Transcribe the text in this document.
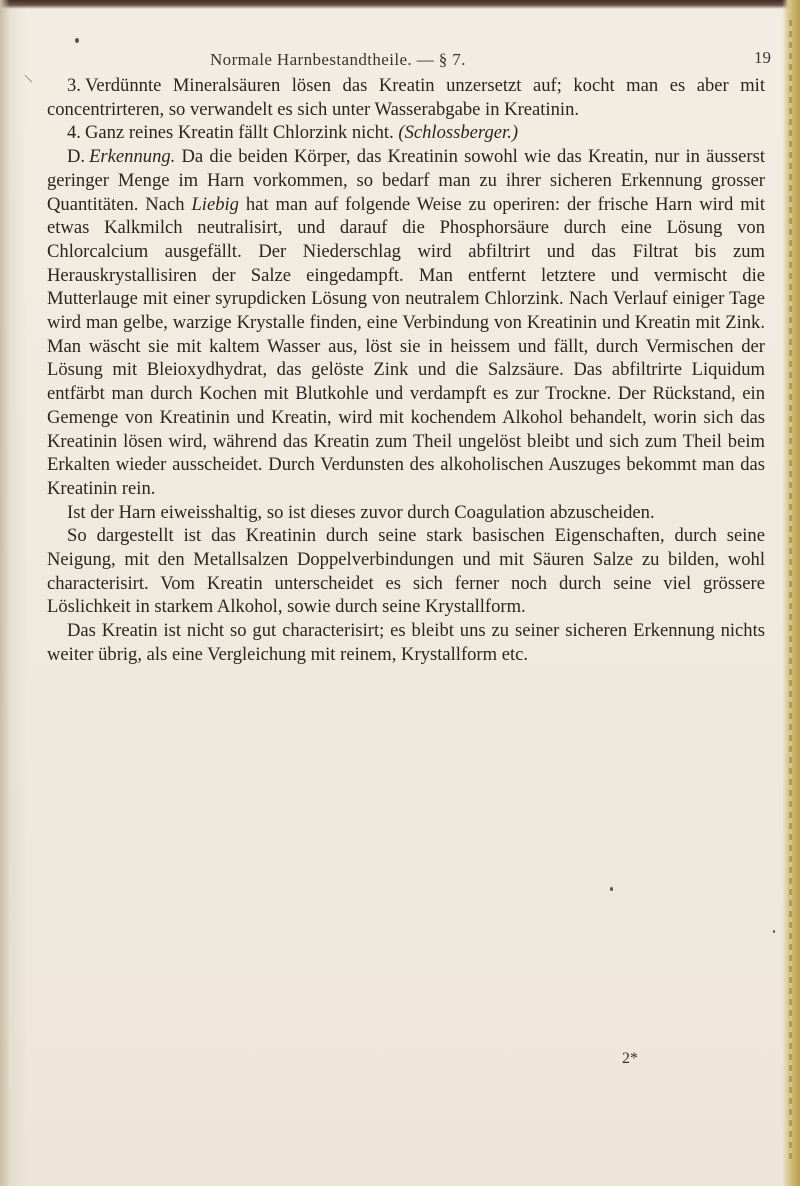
Normale Harnbestandtheile. — § 7.	19

3. Verdünnte Mineralsäuren lösen das Kreatin unzersetzt auf; kocht man es aber mit concentrirteren, so verwandelt es sich unter Wasserabgabe in Kreatinin.

4. Ganz reines Kreatin fällt Chlorzink nicht. (Schlossberger.)

D. Erkennung. Da die beiden Körper, das Kreatinin sowohl wie das Kreatin, nur in äusserst geringer Menge im Harn vorkommen, so bedarf man zu ihrer sicheren Erkennung grosser Quantitäten. Nach Liebig hat man auf folgende Weise zu operiren: der frische Harn wird mit etwas Kalkmilch neutralisirt, und darauf die Phosphorsäure durch eine Lösung von Chlorcalcium ausgefällt. Der Niederschlag wird abfiltrirt und das Filtrat bis zum Herauskrystallisiren der Salze eingedampft. Man entfernt letztere und vermischt die Mutterlauge mit einer syrupdicken Lösung von neutralem Chlorzink. Nach Verlauf einiger Tage wird man gelbe, warzige Krystalle finden, eine Verbindung von Kreatinin und Kreatin mit Zink. Man wäscht sie mit kaltem Wasser aus, löst sie in heissem und fällt, durch Vermischen der Lösung mit Bleioxydhydrat, das gelöste Zink und die Salzsäure. Das abfiltrirte Liquidum entfärbt man durch Kochen mit Blutkohle und verdampft es zur Trockne. Der Rückstand, ein Gemenge von Kreatinin und Kreatin, wird mit kochendem Alkohol behandelt, worin sich das Kreatinin lösen wird, während das Kreatin zum Theil ungelöst bleibt und sich zum Theil beim Erkalten wieder ausscheidet. Durch Verdunsten des alkoholischen Auszuges bekommt man das Kreatinin rein.

Ist der Harn eiweisshaltig, so ist dieses zuvor durch Coagulation abzuscheiden.

So dargestellt ist das Kreatinin durch seine stark basischen Eigenschaften, durch seine Neigung, mit den Metallsalzen Doppelverbindungen und mit Säuren Salze zu bilden, wohl characterisirt. Vom Kreatin unterscheidet es sich ferner noch durch seine viel grössere Löslichkeit in starkem Alkohol, sowie durch seine Krystallform.

Das Kreatin ist nicht so gut characterisirt; es bleibt uns zu seiner sicheren Erkennung nichts weiter übrig, als eine Vergleichung mit reinem, Krystallform etc.

2*
\
